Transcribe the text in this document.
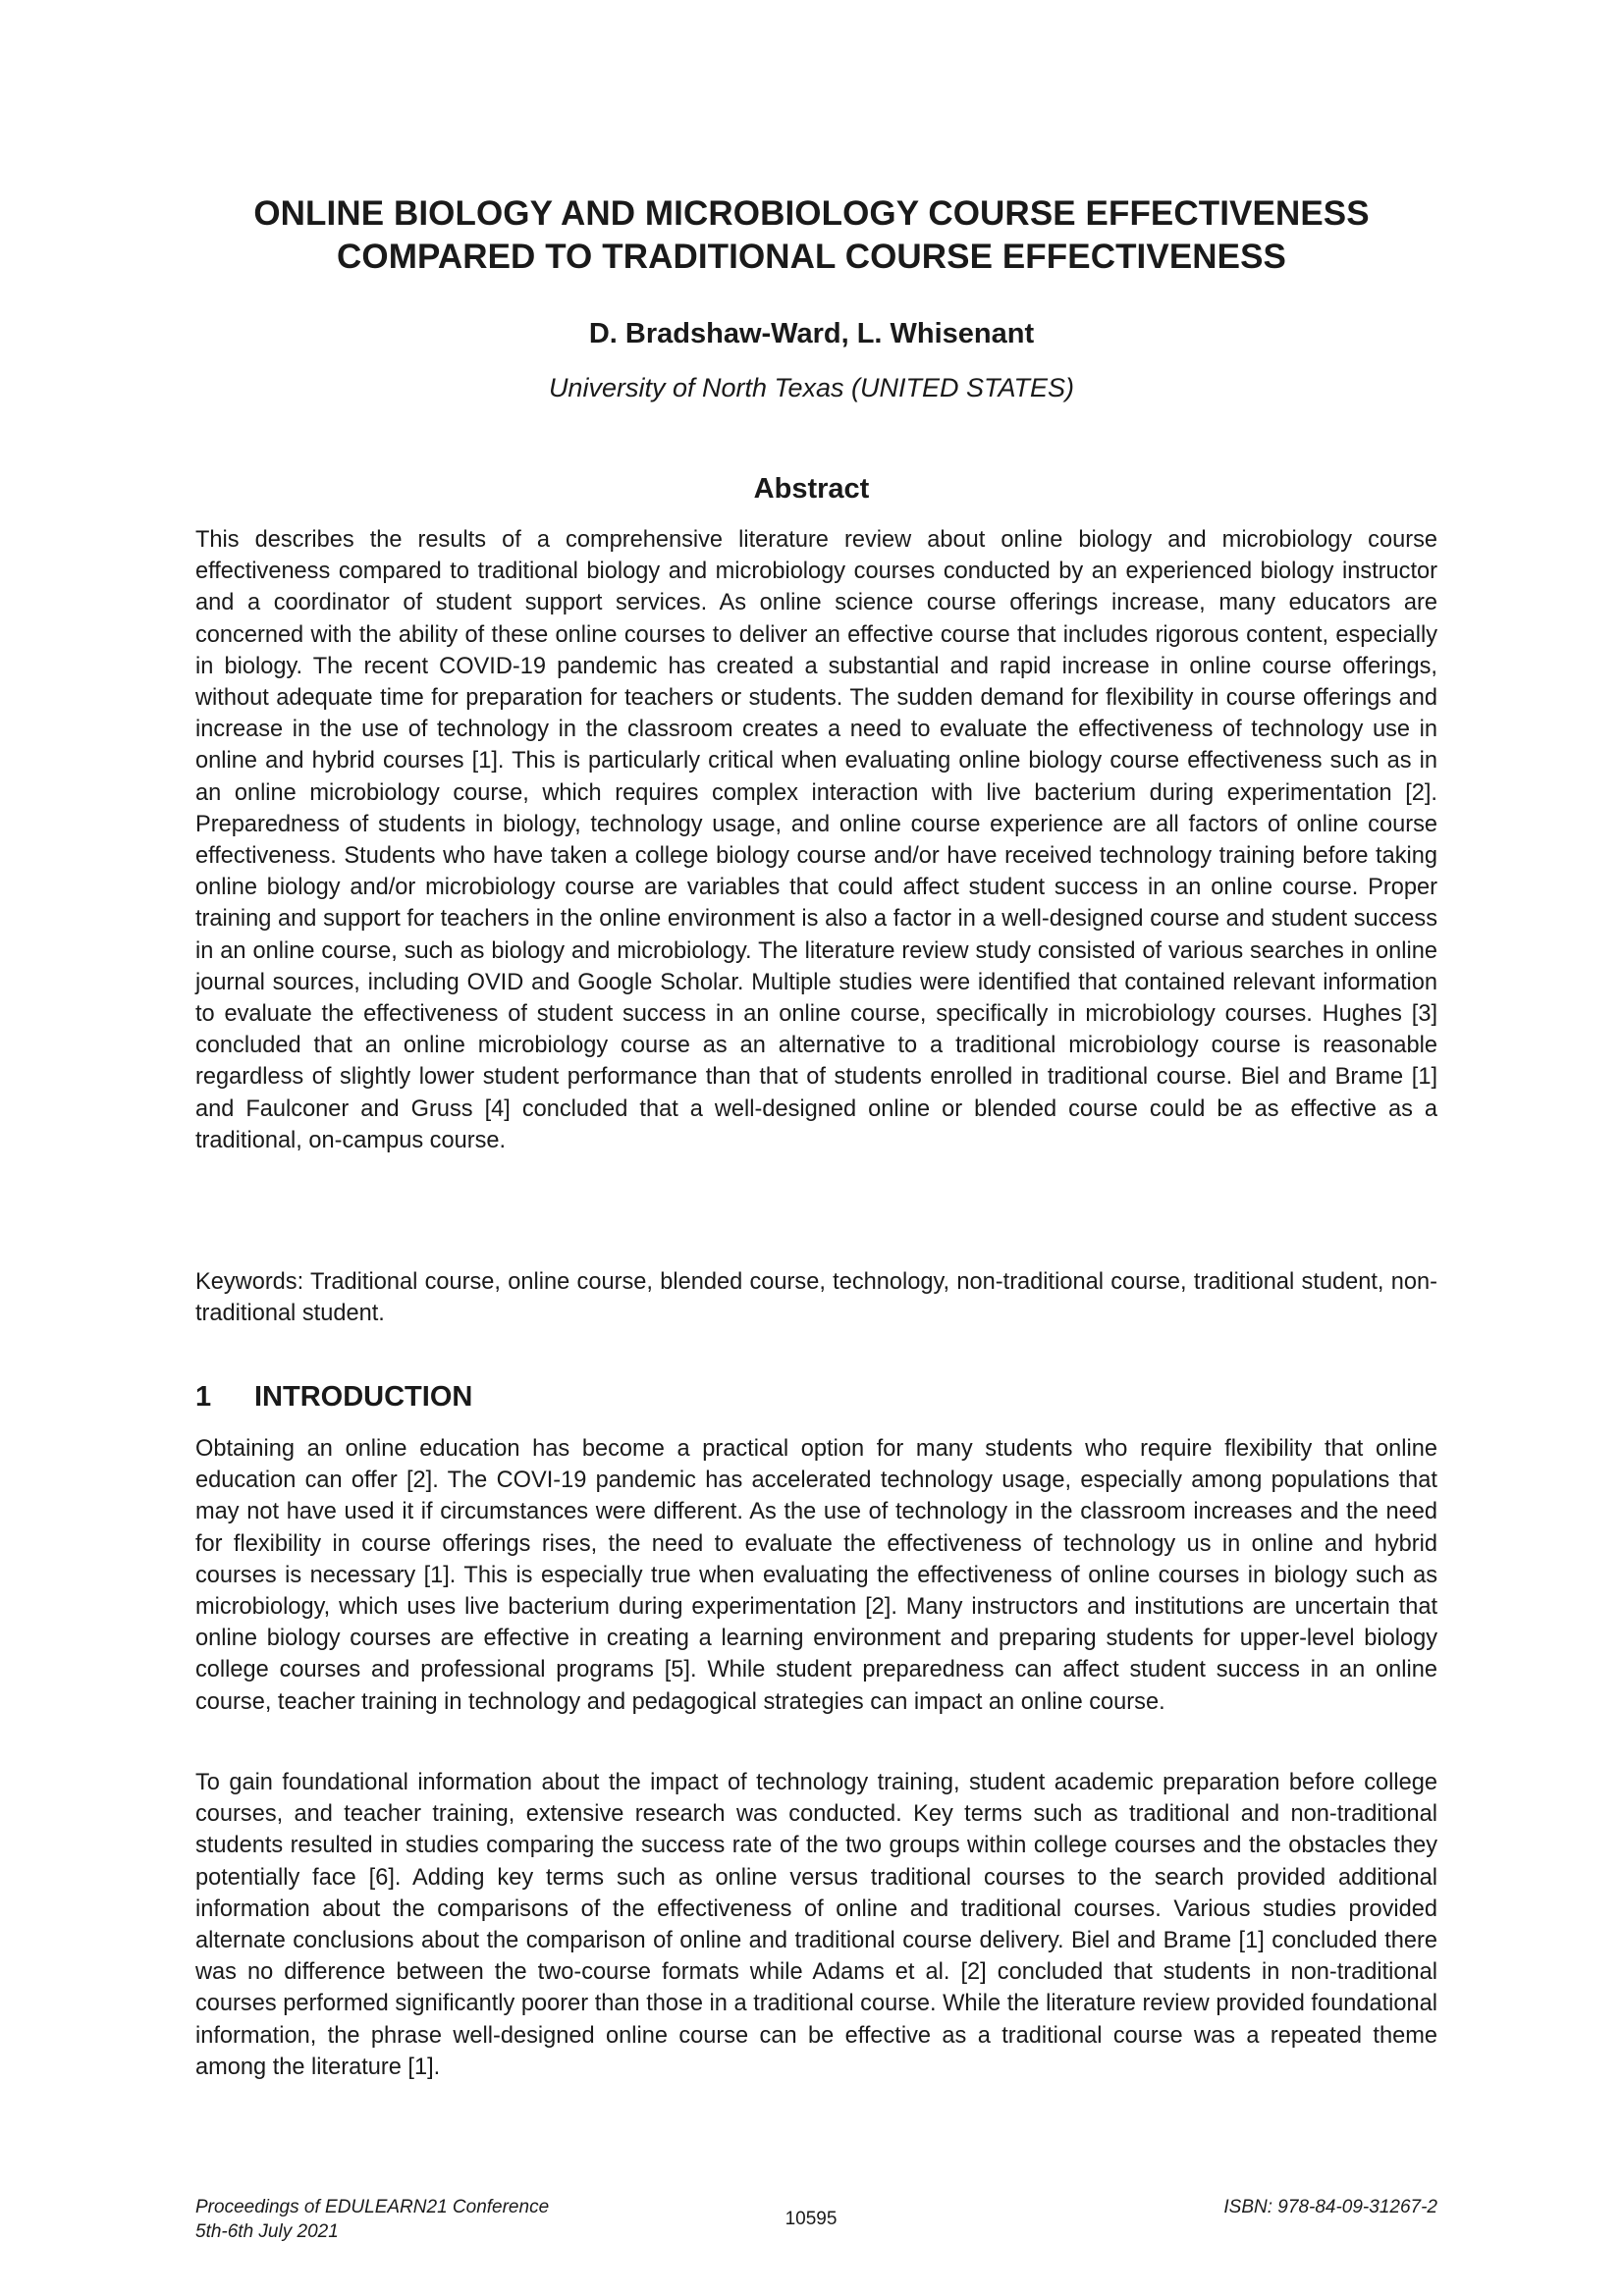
ONLINE BIOLOGY AND MICROBIOLOGY COURSE EFFECTIVENESS
COMPARED TO TRADITIONAL COURSE EFFECTIVENESS

D. Bradshaw-Ward, L. Whisenant

University of North Texas (UNITED STATES)

Abstract

This describes the results of a comprehensive literature review about online biology and microbiology course effectiveness compared to traditional biology and microbiology courses conducted by an experienced biology instructor and a coordinator of student support services. As online science course offerings increase, many educators are concerned with the ability of these online courses to deliver an effective course that includes rigorous content, especially in biology. The recent COVID-19 pandemic has created a substantial and rapid increase in online course offerings, without adequate time for preparation for teachers or students. The sudden demand for flexibility in course offerings and increase in the use of technology in the classroom creates a need to evaluate the effectiveness of technology use in online and hybrid courses [1]. This is particularly critical when evaluating online biology course effectiveness such as in an online microbiology course, which requires complex interaction with live bacterium during experimentation [2]. Preparedness of students in biology, technology usage, and online course experience are all factors of online course effectiveness. Students who have taken a college biology course and/or have received technology training before taking online biology and/or microbiology course are variables that could affect student success in an online course. Proper training and support for teachers in the online environment is also a factor in a well-designed course and student success in an online course, such as biology and microbiology. The literature review study consisted of various searches in online journal sources, including OVID and Google Scholar. Multiple studies were identified that contained relevant information to evaluate the effectiveness of student success in an online course, specifically in microbiology courses. Hughes [3] concluded that an online microbiology course as an alternative to a traditional microbiology course is reasonable regardless of slightly lower student performance than that of students enrolled in traditional course. Biel and Brame [1] and Faulconer and Gruss [4] concluded that a well-designed online or blended course could be as effective as a traditional, on-campus course.

Keywords: Traditional course, online course, blended course, technology, non-traditional course, traditional student, non-traditional student.

1 INTRODUCTION

Obtaining an online education has become a practical option for many students who require flexibility that online education can offer [2]. The COVI-19 pandemic has accelerated technology usage, especially among populations that may not have used it if circumstances were different. As the use of technology in the classroom increases and the need for flexibility in course offerings rises, the need to evaluate the effectiveness of technology us in online and hybrid courses is necessary [1]. This is especially true when evaluating the effectiveness of online courses in biology such as microbiology, which uses live bacterium during experimentation [2]. Many instructors and institutions are uncertain that online biology courses are effective in creating a learning environment and preparing students for upper-level biology college courses and professional programs [5]. While student preparedness can affect student success in an online course, teacher training in technology and pedagogical strategies can impact an online course.

To gain foundational information about the impact of technology training, student academic preparation before college courses, and teacher training, extensive research was conducted. Key terms such as traditional and non-traditional students resulted in studies comparing the success rate of the two groups within college courses and the obstacles they potentially face [6]. Adding key terms such as online versus traditional courses to the search provided additional information about the comparisons of the effectiveness of online and traditional courses. Various studies provided alternate conclusions about the comparison of online and traditional course delivery. Biel and Brame [1] concluded there was no difference between the two-course formats while Adams et al. [2] concluded that students in non-traditional courses performed significantly poorer than those in a traditional course. While the literature review provided foundational information, the phrase well-designed online course can be effective as a traditional course was a repeated theme among the literature [1].

Proceedings of EDULEARN21 Conference
5th-6th July 2021

10595

ISBN: 978-84-09-31267-2
